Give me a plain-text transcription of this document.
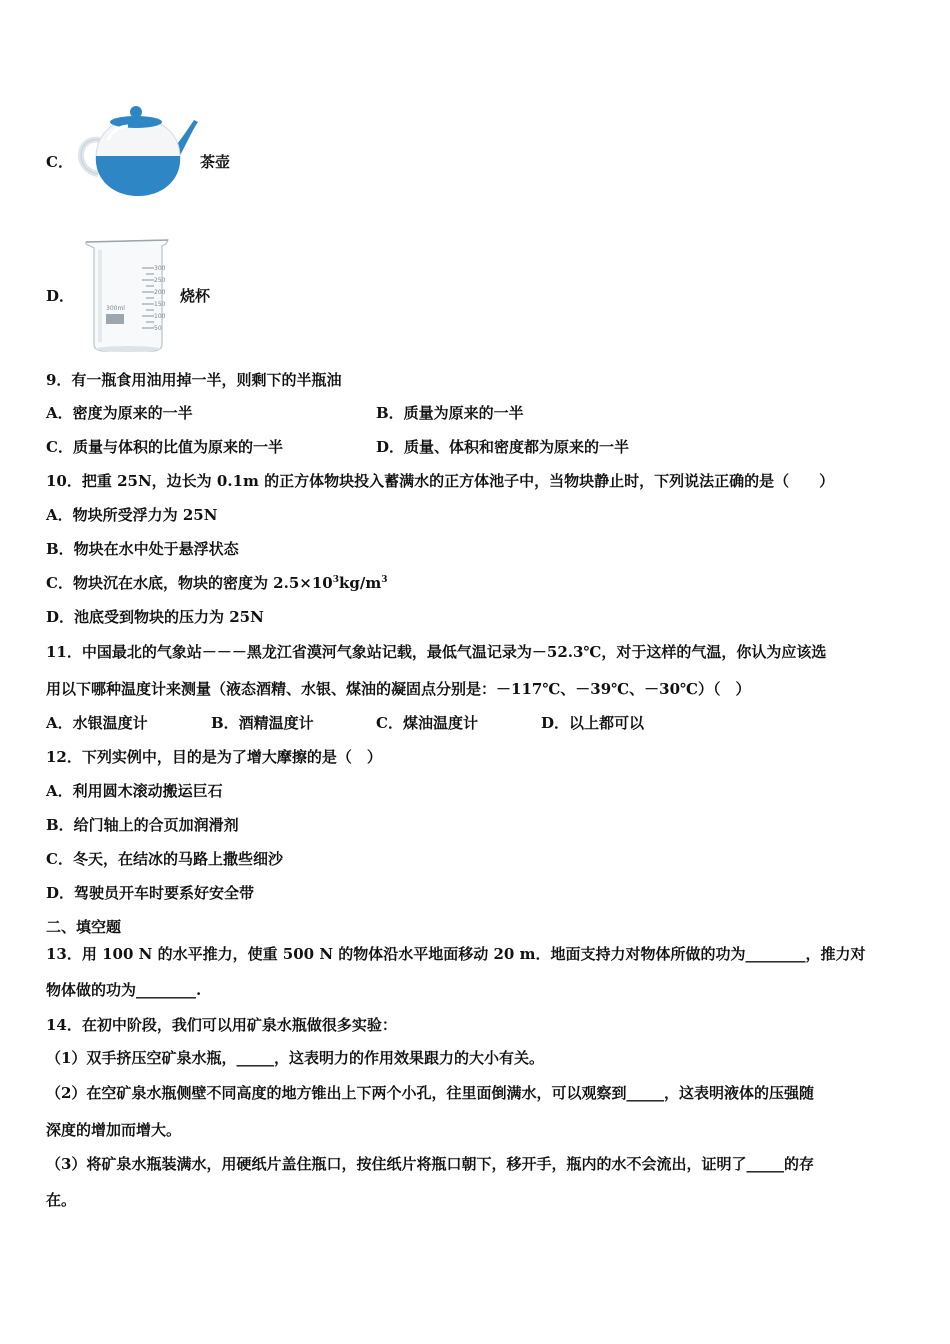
C．	茶壶
D．
300
250
200
150
100
50
300ml
烧杯
9．有一瓶食用油用掉一半，则剩下的半瓶油
A．密度为原来的一半	B．质量为原来的一半
C．质量与体积的比值为原来的一半	D．质量、体积和密度都为原来的一半
10．把重 25N，边长为 0.1m 的正方体物块投入蓄满水的正方体池子中，当物块静止时，下列说法正确的是（　　）
A．物块所受浮力为 25N
B．物块在水中处于悬浮状态
C．物块沉在水底，物块的密度为 $2.5\times 10^3kg/m^3$
D．池底受到物块的压力为 25N
11．中国最北的气象站－－－黑龙江省漠河气象站记载，最低气温记录为－52.3℃，对于这样的气温，你认为应该选
用以下哪种温度计来测量（液态酒精、水银、煤油的凝固点分别是：－117℃、－39℃、－30℃）（　）
A．水银温度计	B．酒精温度计	C．煤油温度计	D．以上都可以
12．下列实例中，目的是为了增大摩擦的是（　）
A．利用圆木滚动搬运巨石
B．给门轴上的合页加润滑剂
C．冬天，在结冰的马路上撒些细沙
D．驾驶员开车时要系好安全带
二、填空题
13．用 100 N 的水平推力，使重 500 N 的物体沿水平地面移动 20 m．地面支持力对物体所做的功为________，推力对
物体做的功为________.
14．在初中阶段，我们可以用矿泉水瓶做很多实验：
（1）双手挤压空矿泉水瓶，_____，这表明力的作用效果跟力的大小有关。
（2）在空矿泉水瓶侧壁不同高度的地方锥出上下两个小孔，往里面倒满水，可以观察到_____，这表明液体的压强随
深度的增加而增大。
（3）将矿泉水瓶装满水，用硬纸片盖住瓶口，按住纸片将瓶口朝下，移开手，瓶内的水不会流出，证明了_____的存
在。
